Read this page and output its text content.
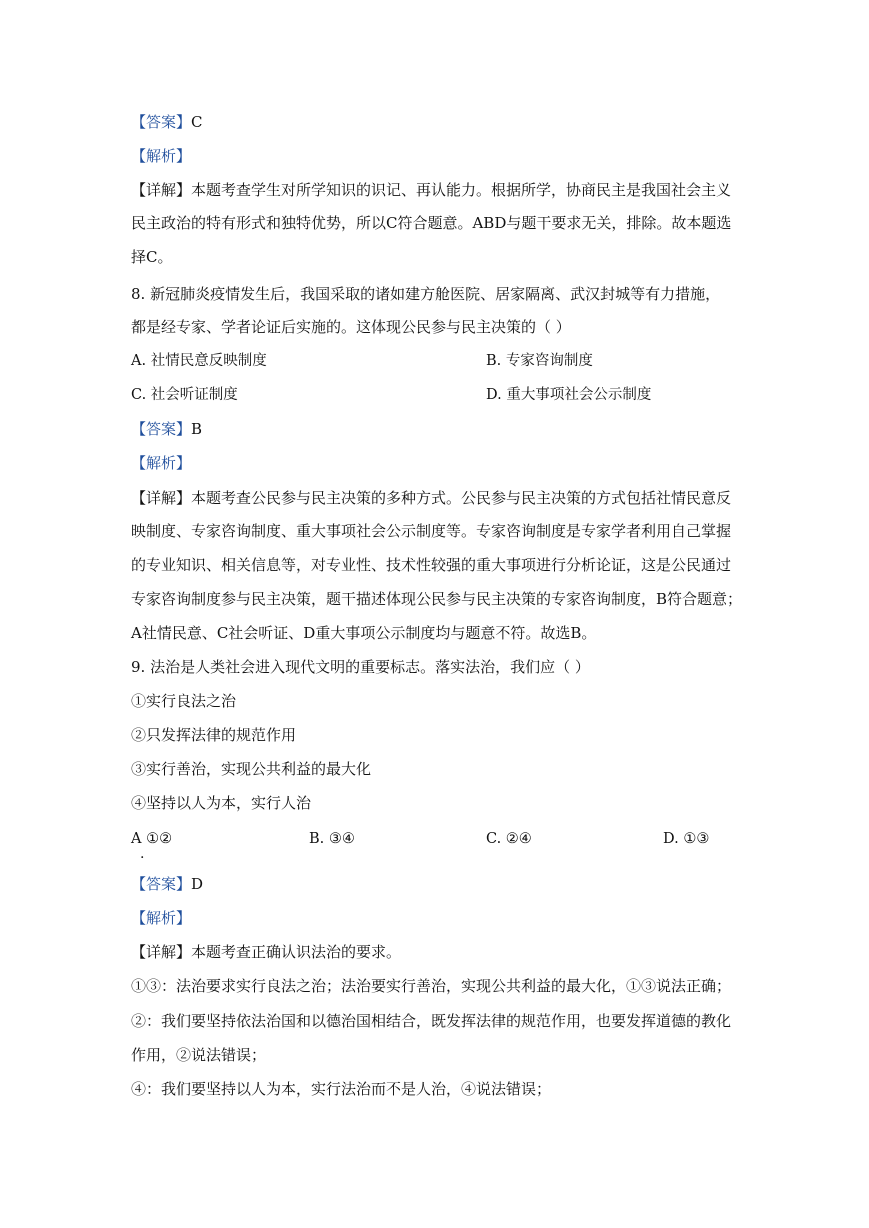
【答案】C
【解析】
【详解】本题考查学生对所学知识的识记、再认能力。根据所学，协商民主是我国社会主义
民主政治的特有形式和独特优势，所以C符合题意。ABD与题干要求无关，排除。故本题选
择C。
8. 新冠肺炎疫情发生后，我国采取的诸如建方舱医院、居家隔离、武汉封城等有力措施，
都是经专家、学者论证后实施的。这体现公民参与民主决策的（ ）
A. 社情民意反映制度	B. 专家咨询制度
C. 社会听证制度	D. 重大事项社会公示制度
【答案】B
【解析】
【详解】本题考查公民参与民主决策的多种方式。公民参与民主决策的方式包括社情民意反
映制度、专家咨询制度、重大事项社会公示制度等。专家咨询制度是专家学者利用自己掌握
的专业知识、相关信息等，对专业性、技术性较强的重大事项进行分析论证，这是公民通过
专家咨询制度参与民主决策，题干描述体现公民参与民主决策的专家咨询制度，B符合题意；
A社情民意、C社会听证、D重大事项公示制度均与题意不符。故选B。
9. 法治是人类社会进入现代文明的重要标志。落实法治，我们应（ ）
①实行良法之治
②只发挥法律的规范作用
③实行善治，实现公共利益的最大化
④坚持以人为本，实行人治
A ①②
.
B. ③④	C. ②④	D. ①③
【答案】D
【解析】
【详解】本题考查正确认识法治的要求。
①③：法治要求实行良法之治；法治要实行善治，实现公共利益的最大化，①③说法正确；
②：我们要坚持依法治国和以德治国相结合，既发挥法律的规范作用，也要发挥道德的教化
作用，②说法错误；
④：我们要坚持以人为本，实行法治而不是人治，④说法错误；
